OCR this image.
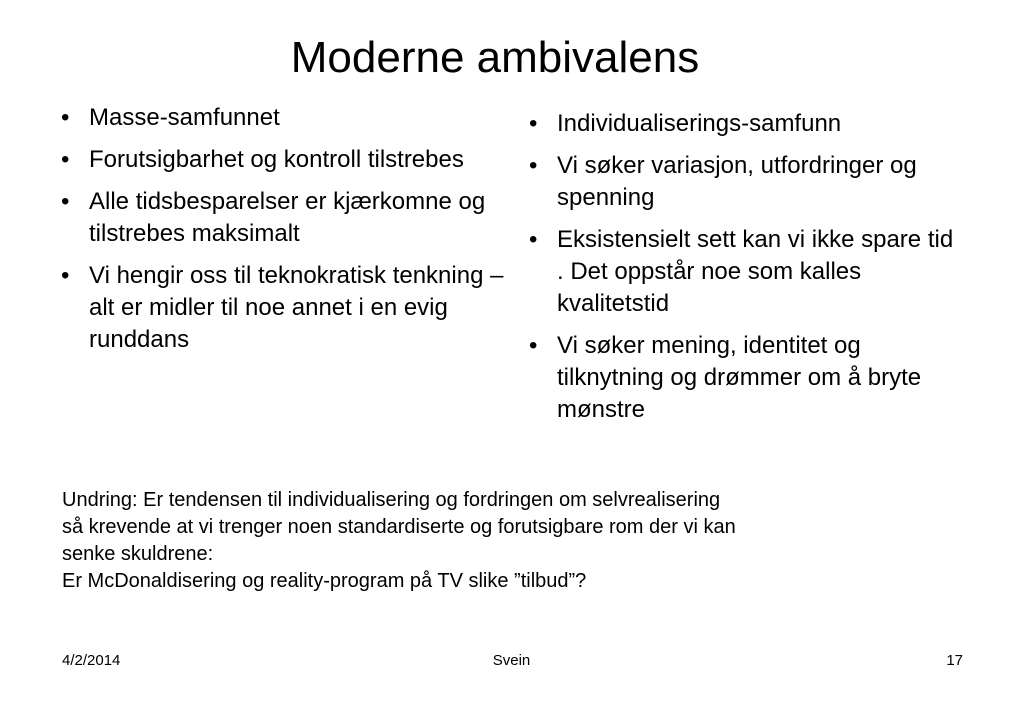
Moderne ambivalens
• Masse-samfunnet
• Forutsigbarhet og kontroll tilstrebes
• Alle tidsbesparelser er kjærkomne og tilstrebes maksimalt
• Vi hengir oss til teknokratisk tenkning – alt er midler til noe annet i en evig runddans
• Individualiserings-samfunn
• Vi søker variasjon, utfordringer og spenning
• Eksistensielt sett kan vi ikke spare tid . Det oppstår noe som kalles kvalitetstid
• Vi søker mening, identitet og tilknytning og drømmer om å bryte mønstre
Undring: Er tendensen til individualisering og fordringen om selvrealisering
så krevende at vi trenger noen standardiserte og forutsigbare rom der vi kan
senke skuldrene:
Er McDonaldisering og reality-program på TV slike ”tilbud”?
4/2/2014	Svein	17
